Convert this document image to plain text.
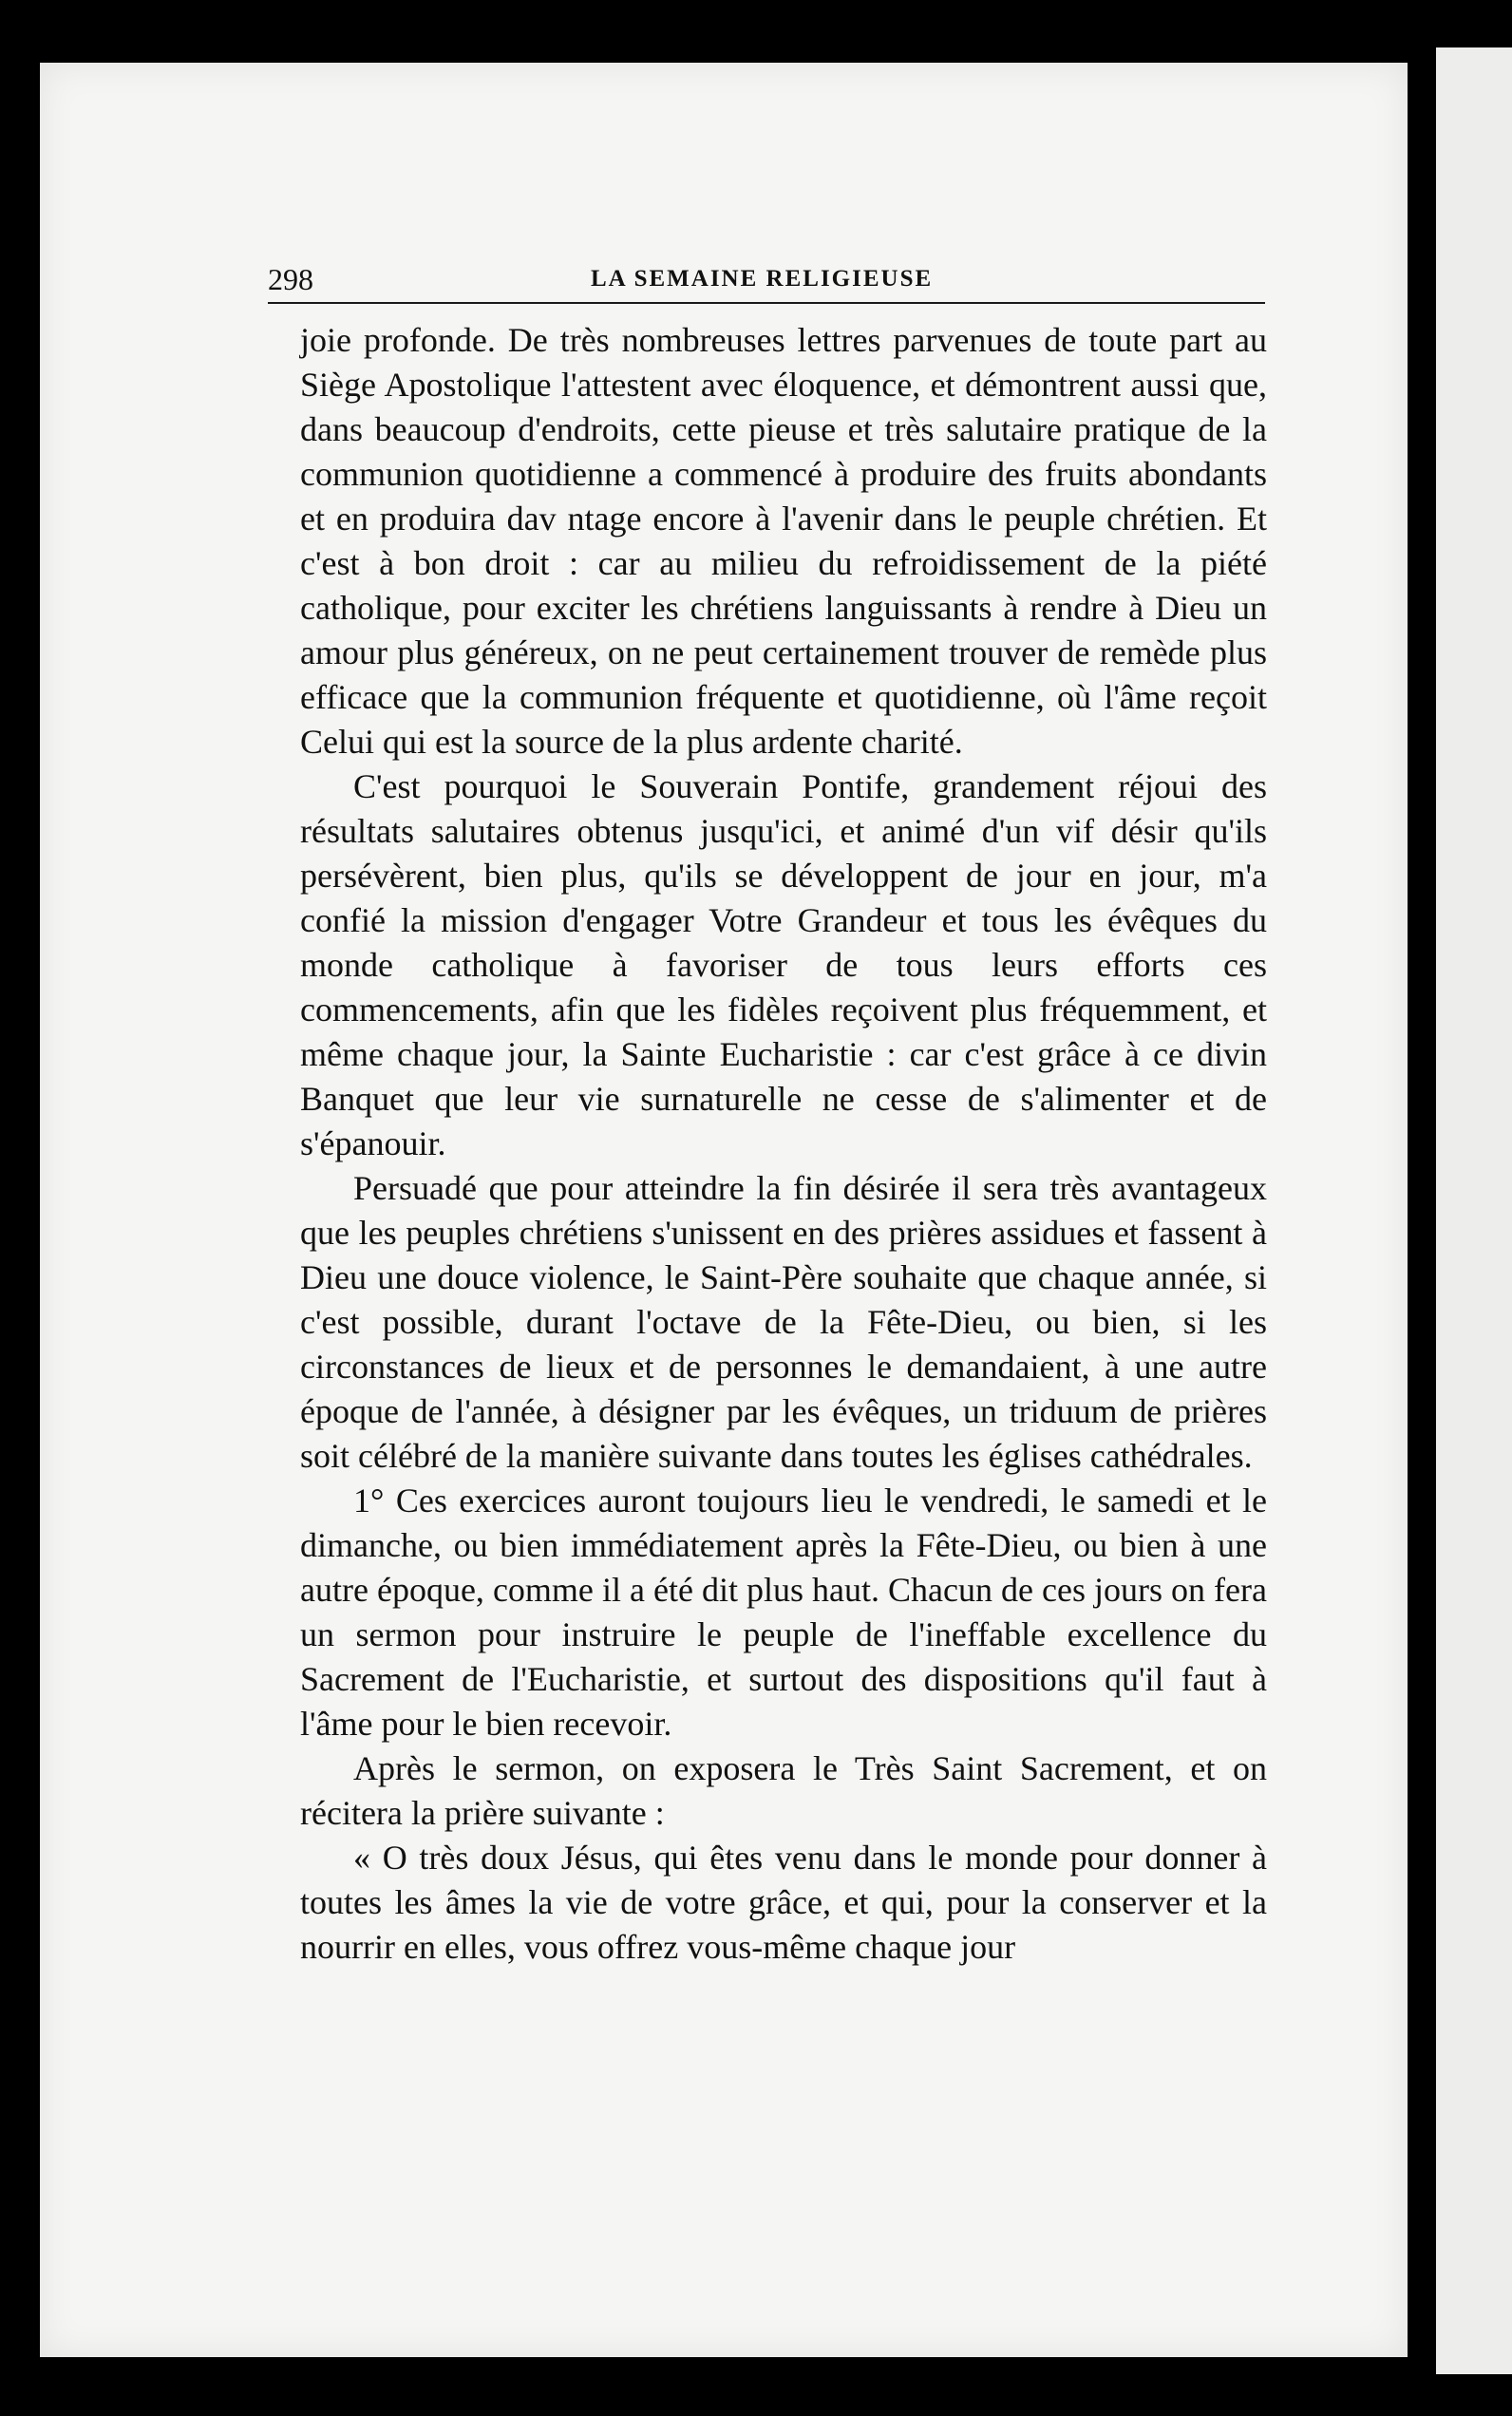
298	LA SEMAINE RELIGIEUSE

joie profonde. De très nombreuses lettres parvenues de toute part au Siège Apostolique l'attestent avec éloquence, et démontrent aussi que, dans beaucoup d'endroits, cette pieuse et très salutaire pratique de la communion quotidienne a commencé à produire des fruits abondants et en produira dav ntage encore à l'avenir dans le peuple chrétien. Et c'est à bon droit : car au milieu du refroidissement de la piété catholique, pour exciter les chrétiens languissants à rendre à Dieu un amour plus généreux, on ne peut certainement trouver de remède plus efficace que la communion fréquente et quotidienne, où l'âme reçoit Celui qui est la source de la plus ardente charité.

C'est pourquoi le Souverain Pontife, grandement réjoui des résultats salutaires obtenus jusqu'ici, et animé d'un vif désir qu'ils persévèrent, bien plus, qu'ils se développent de jour en jour, m'a confié la mission d'engager Votre Grandeur et tous les évêques du monde catholique à favoriser de tous leurs efforts ces commencements, afin que les fidèles reçoivent plus fréquemment, et même chaque jour, la Sainte Eucharistie : car c'est grâce à ce divin Banquet que leur vie surnaturelle ne cesse de s'alimenter et de s'épanouir.

Persuadé que pour atteindre la fin désirée il sera très avantageux que les peuples chrétiens s'unissent en des prières assidues et fassent à Dieu une douce violence, le Saint-Père souhaite que chaque année, si c'est possible, durant l'octave de la Fête-Dieu, ou bien, si les circonstances de lieux et de personnes le demandaient, à une autre époque de l'année, à désigner par les évêques, un triduum de prières soit célébré de la manière suivante dans toutes les églises cathédrales.

1° Ces exercices auront toujours lieu le vendredi, le samedi et le dimanche, ou bien immédiatement après la Fête-Dieu, ou bien à une autre époque, comme il a été dit plus haut. Chacun de ces jours on fera un sermon pour instruire le peuple de l'ineffable excellence du Sacrement de l'Eucharistie, et surtout des dispositions qu'il faut à l'âme pour le bien recevoir.

Après le sermon, on exposera le Très Saint Sacrement, et on récitera la prière suivante :

« O très doux Jésus, qui êtes venu dans le monde pour donner à toutes les âmes la vie de votre grâce, et qui, pour la conserver et la nourrir en elles, vous offrez vous-même chaque jour
